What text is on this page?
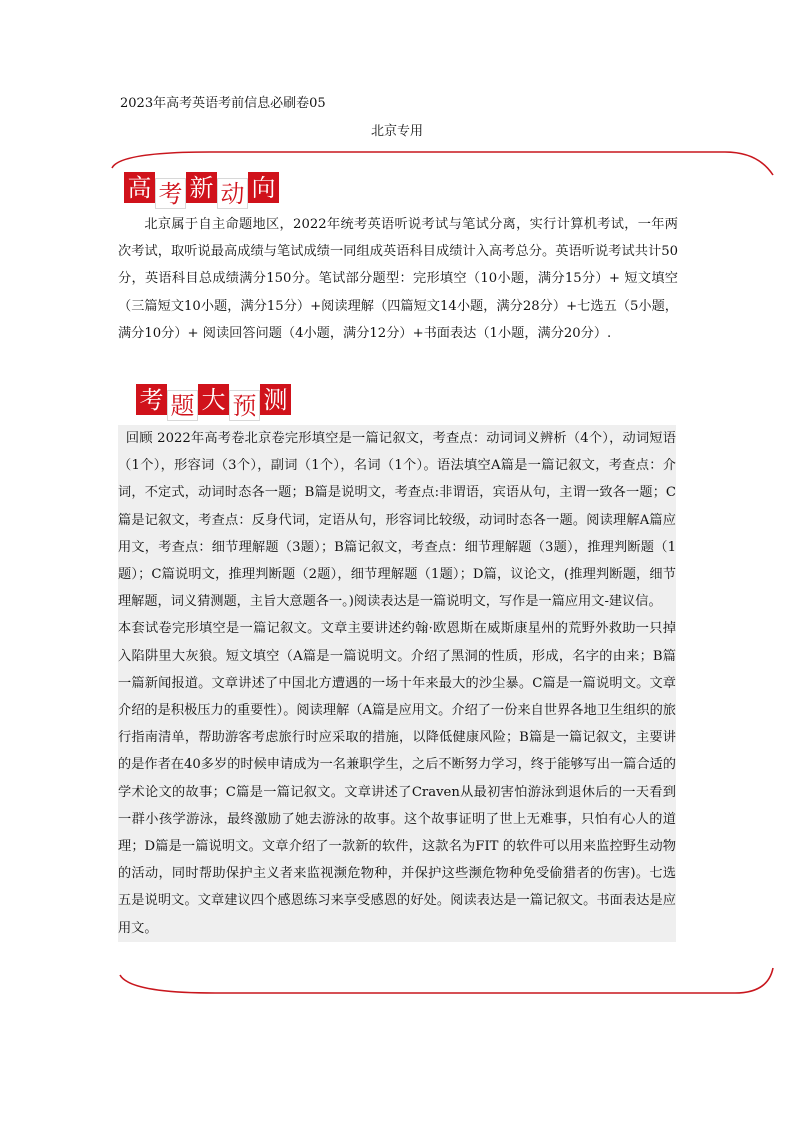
2023年高考英语考前信息必刷卷05
北京专用
高 考 新 动 向
北京属于自主命题地区，2022年统考英语听说考试与笔试分离，实行计算机考试，一年两次考试，取听说最高成绩与笔试成绩一同组成英语科目成绩计入高考总分。英语听说考试共计50分，英语科目总成绩满分150分。笔试部分题型：完形填空（10小题，满分15分）+ 短文填空（三篇短文10小题，满分15分）+阅读理解（四篇短文14小题，满分28分）+七选五（5小题，满分10分）+ 阅读回答问题（4小题，满分12分）+书面表达（1小题，满分20分）.
考 题 大 预 测

回顾 2022年高考卷北京卷完形填空是一篇记叙文，考查点：动词词义辨析（4个），动词短语（1个），形容词（3个），副词（1个），名词（1个）。语法填空A篇是一篇记叙文，考查点：介词，不定式，动词时态各一题；B篇是说明文，考查点:非谓语，宾语从句，主谓一致各一题；C篇是记叙文，考查点：反身代词，定语从句，形容词比较级，动词时态各一题。阅读理解A篇应用文，考查点：细节理解题（3题）；B篇记叙文，考查点：细节理解题（3题），推理判断题（1题）；C篇说明文，推理判断题（2题），细节理解题（1题）；D篇，议论文，(推理判断题，细节理解题，词义猜测题，主旨大意题各一。)阅读表达是一篇说明文，写作是一篇应用文-建议信。

本套试卷完形填空是一篇记叙文。文章主要讲述约翰·欧恩斯在威斯康星州的荒野外救助一只掉入陷阱里大灰狼。短文填空（A篇是一篇说明文。介绍了黑洞的性质，形成，名字的由来；B篇一篇新闻报道。文章讲述了中国北方遭遇的一场十年来最大的沙尘暴。C篇是一篇说明文。文章介绍的是积极压力的重要性）。阅读理解（A篇是应用文。介绍了一份来自世界各地卫生组织的旅行指南清单，帮助游客考虑旅行时应采取的措施，以降低健康风险；B篇是一篇记叙文，主要讲的是作者在40多岁的时候申请成为一名兼职学生，之后不断努力学习，终于能够写出一篇合适的学术论文的故事；C篇是一篇记叙文。文章讲述了Craven从最初害怕游泳到退休后的一天看到一群小孩学游泳，最终激励了她去游泳的故事。这个故事证明了世上无难事，只怕有心人的道理；D篇是一篇说明文。文章介绍了一款新的软件，这款名为FIT 的软件可以用来监控野生动物的活动，同时帮助保护主义者来监视濒危物种，并保护这些濒危物种免受偷猎者的伤害)。七选五是说明文。文章建议四个感恩练习来享受感恩的好处。阅读表达是一篇记叙文。书面表达是应用文。
